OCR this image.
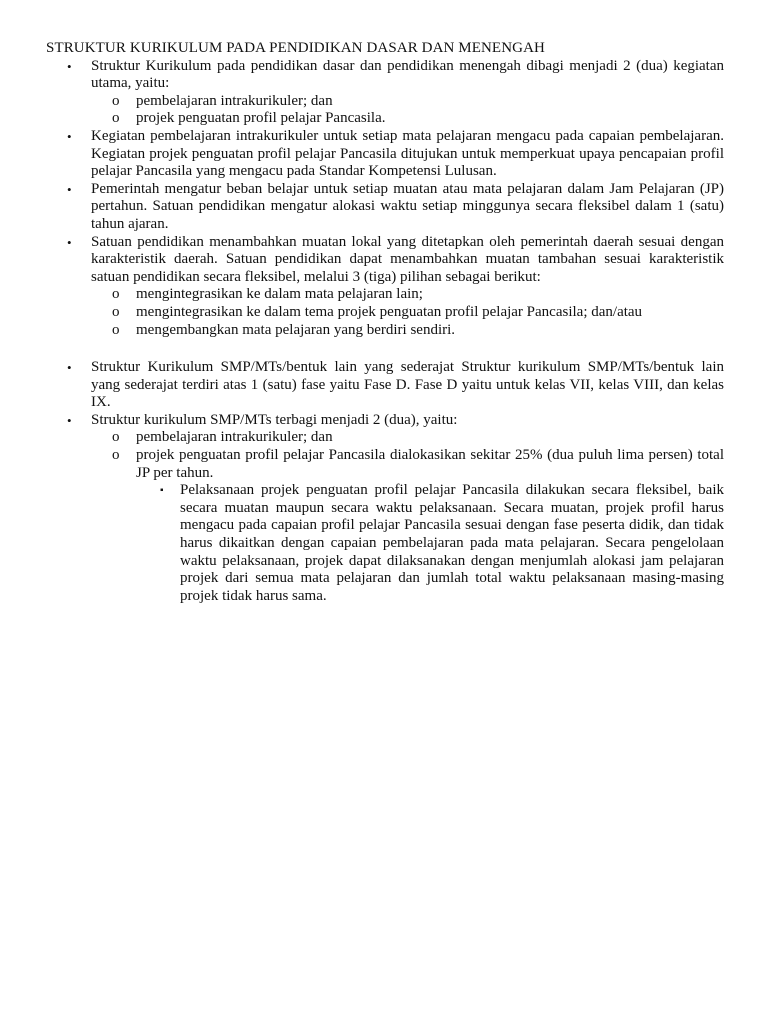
STRUKTUR KURIKULUM PADA PENDIDIKAN DASAR DAN MENENGAH
• Struktur Kurikulum pada pendidikan dasar dan pendidikan menengah dibagi menjadi 2 (dua) kegiatan utama, yaitu:

o pembelajaran intrakurikuler; dan
o projek penguatan profil pelajar Pancasila.
• Kegiatan pembelajaran intrakurikuler untuk setiap mata pelajaran mengacu pada capaian pembelajaran. Kegiatan projek penguatan profil pelajar Pancasila ditujukan untuk memperkuat upaya pencapaian profil pelajar Pancasila yang mengacu pada Standar Kompetensi Lulusan.

• Pemerintah mengatur beban belajar untuk setiap muatan atau mata pelajaran dalam Jam Pelajaran (JP) pertahun. Satuan pendidikan mengatur alokasi waktu setiap minggunya secara fleksibel dalam 1 (satu) tahun ajaran.

• Satuan pendidikan menambahkan muatan lokal yang ditetapkan oleh pemerintah daerah sesuai dengan karakteristik daerah. Satuan pendidikan dapat menambahkan muatan tambahan sesuai karakteristik satuan pendidikan secara fleksibel, melalui 3 (tiga) pilihan sebagai berikut:

o mengintegrasikan ke dalam mata pelajaran lain;
o mengintegrasikan ke dalam tema projek penguatan profil pelajar Pancasila; dan/atau
o mengembangkan mata pelajaran yang berdiri sendiri.
• Struktur Kurikulum SMP/MTs/bentuk lain yang sederajat Struktur kurikulum SMP/MTs/bentuk lain yang sederajat terdiri atas 1 (satu) fase yaitu Fase D. Fase D yaitu untuk kelas VII, kelas VIII, dan kelas IX.

• Struktur kurikulum SMP/MTs terbagi menjadi 2 (dua), yaitu:

o pembelajaran intrakurikuler; dan
o projek penguatan profil pelajar Pancasila dialokasikan sekitar 25% (dua puluh lima persen) total JP per tahun.
▪ Pelaksanaan projek penguatan profil pelajar Pancasila dilakukan secara fleksibel, baik secara muatan maupun secara waktu pelaksanaan. Secara muatan, projek profil harus mengacu pada capaian profil pelajar Pancasila sesuai dengan fase peserta didik, dan tidak harus dikaitkan dengan capaian pembelajaran pada mata pelajaran. Secara pengelolaan waktu pelaksanaan, projek dapat dilaksanakan dengan menjumlah alokasi jam pelajaran projek dari semua mata pelajaran dan jumlah total waktu pelaksanaan masing-masing projek tidak harus sama.
